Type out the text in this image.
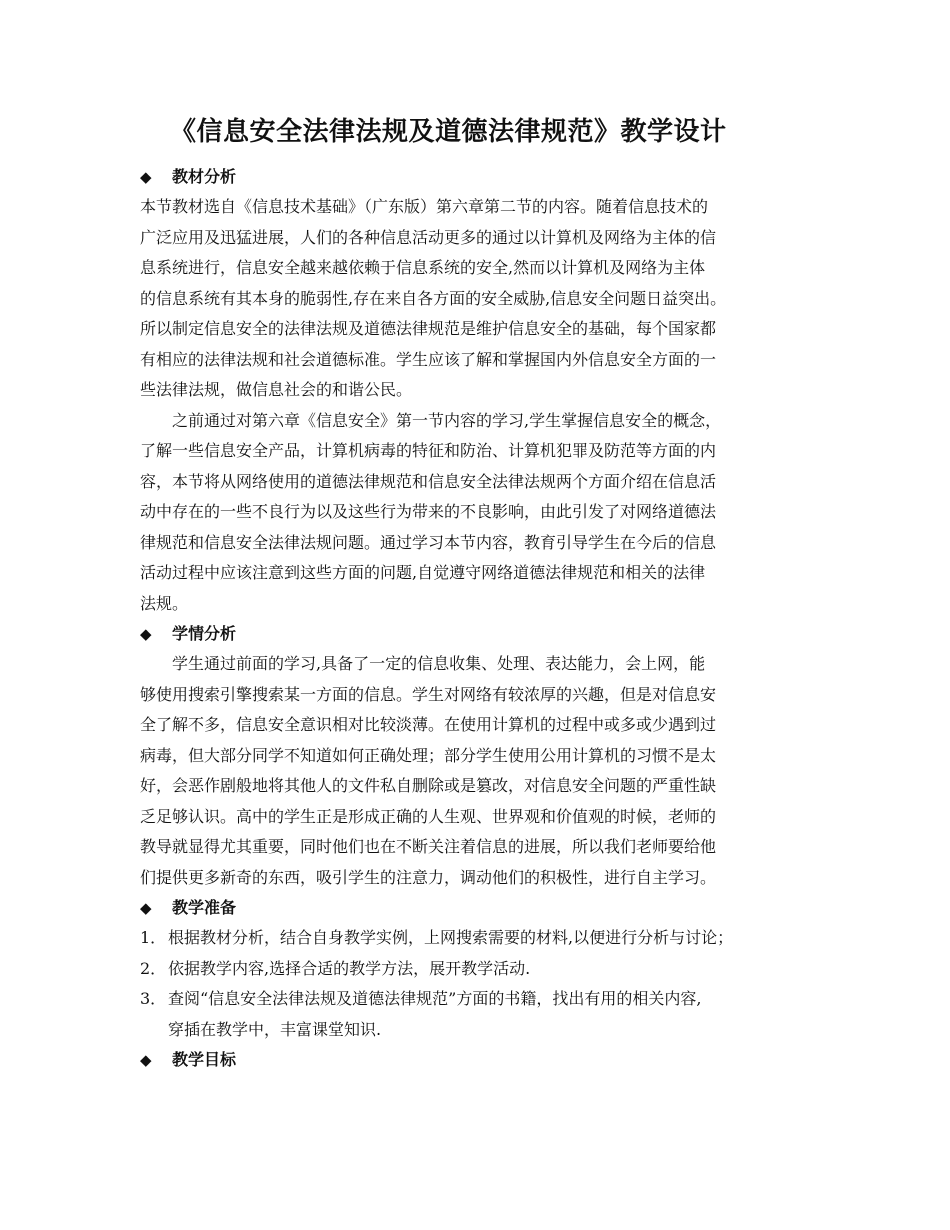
《信息安全法律法规及道德法律规范》教学设计
◆ 教材分析

本节教材选自《信息技术基础》（广东版）第六章第二节的内容。随着信息技术的
广泛应用及迅猛进展，人们的各种信息活动更多的通过以计算机及网络为主体的信
息系统进行，信息安全越来越依赖于信息系统的安全,然而以计算机及网络为主体
的信息系统有其本身的脆弱性,存在来自各方面的安全威胁,信息安全问题日益突出。
所以制定信息安全的法律法规及道德法律规范是维护信息安全的基础，每个国家都
有相应的法律法规和社会道德标准。学生应该了解和掌握国内外信息安全方面的一
些法律法规，做信息社会的和谐公民。

之前通过对第六章《信息安全》第一节内容的学习,学生掌握信息安全的概念，
了解一些信息安全产品，计算机病毒的特征和防治、计算机犯罪及防范等方面的内
容，本节将从网络使用的道德法律规范和信息安全法律法规两个方面介绍在信息活
动中存在的一些不良行为以及这些行为带来的不良影响，由此引发了对网络道德法
律规范和信息安全法律法规问题。通过学习本节内容，教育引导学生在今后的信息
活动过程中应该注意到这些方面的问题,自觉遵守网络道德法律规范和相关的法律
法规。

◆ 学情分析

学生通过前面的学习,具备了一定的信息收集、处理、表达能力，会上网，能
够使用搜索引擎搜索某一方面的信息。学生对网络有较浓厚的兴趣，但是对信息安
全了解不多，信息安全意识相对比较淡薄。在使用计算机的过程中或多或少遇到过
病毒，但大部分同学不知道如何正确处理；部分学生使用公用计算机的习惯不是太
好，会恶作剧般地将其他人的文件私自删除或是篡改，对信息安全问题的严重性缺
乏足够认识。高中的学生正是形成正确的人生观、世界观和价值观的时候，老师的
教导就显得尤其重要，同时他们也在不断关注着信息的进展，所以我们老师要给他
们提供更多新奇的东西，吸引学生的注意力，调动他们的积极性，进行自主学习。

◆ 教学准备
1． 根据教材分析，结合自身教学实例，上网搜索需要的材料,以便进行分析与讨论；
2． 依据教学内容,选择合适的教学方法，展开教学活动.
3． 查阅“信息安全法律法规及道德法律规范”方面的书籍，找出有用的相关内容,
穿插在教学中，丰富课堂知识.
◆ 教学目标
